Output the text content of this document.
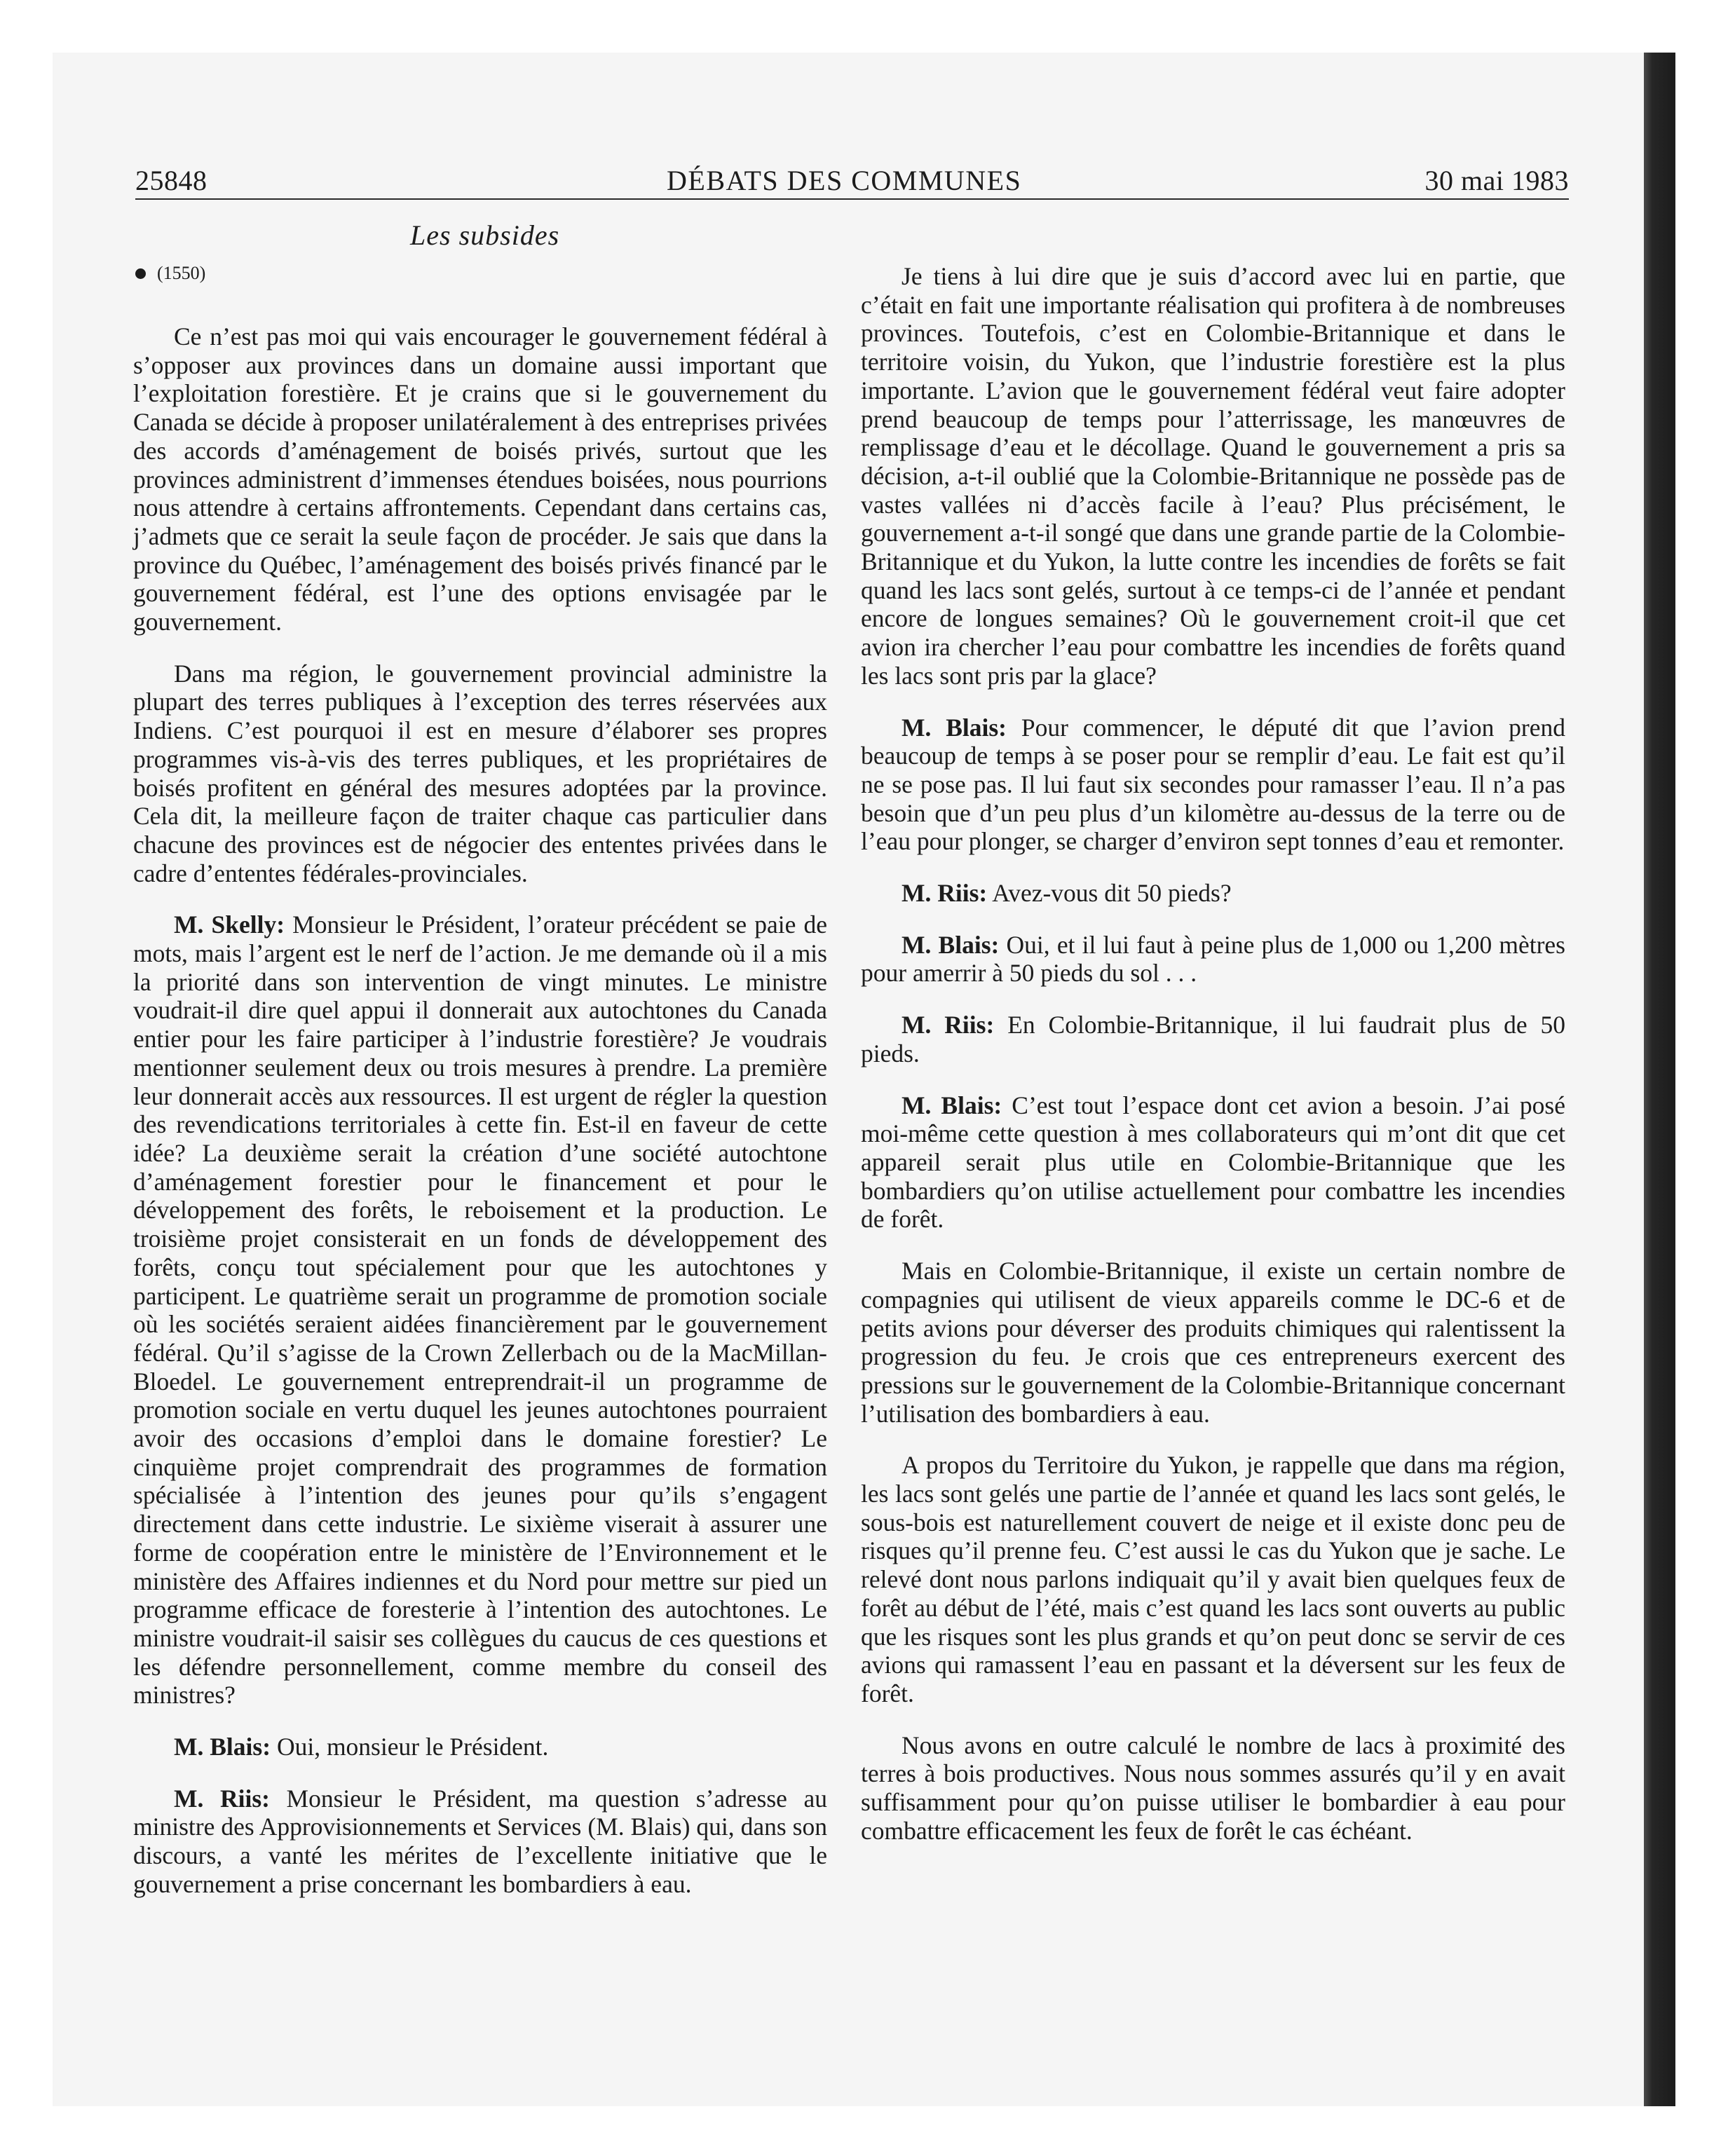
25848	DÉBATS DES COMMUNES	30 mai 1983
Les subsides
(1550)

Ce n’est pas moi qui vais encourager le gouvernement fédéral à s’opposer aux provinces dans un domaine aussi important que l’exploitation forestière. Et je crains que si le gouvernement du Canada se décide à proposer unilatéralement à des entreprises privées des accords d’aménagement de boisés privés, surtout que les provinces administrent d’immenses étendues boisées, nous pourrions nous attendre à certains affrontements. Cependant dans certains cas, j’admets que ce serait la seule façon de procéder. Je sais que dans la province du Québec, l’aménagement des boisés privés financé par le gouvernement fédéral, est l’une des options envisagée par le gouvernement.

Dans ma région, le gouvernement provincial administre la plupart des terres publiques à l’exception des terres réservées aux Indiens. C’est pourquoi il est en mesure d’élaborer ses propres programmes vis-à-vis des terres publiques, et les propriétaires de boisés profitent en général des mesures adoptées par la province. Cela dit, la meilleure façon de traiter chaque cas particulier dans chacune des provinces est de négocier des ententes privées dans le cadre d’ententes fédérales-provinciales.

M. Skelly: Monsieur le Président, l’orateur précédent se paie de mots, mais l’argent est le nerf de l’action. Je me demande où il a mis la priorité dans son intervention de vingt minutes. Le ministre voudrait-il dire quel appui il donnerait aux autochtones du Canada entier pour les faire participer à l’industrie forestière? Je voudrais mentionner seulement deux ou trois mesures à prendre. La première leur donnerait accès aux ressources. Il est urgent de régler la question des revendications territoriales à cette fin. Est-il en faveur de cette idée? La deuxième serait la création d’une société autochtone d’aménagement forestier pour le financement et pour le développement des forêts, le reboisement et la production. Le troisième projet consisterait en un fonds de développement des forêts, conçu tout spécialement pour que les autochtones y participent. Le quatrième serait un programme de promotion sociale où les sociétés seraient aidées financièrement par le gouvernement fédéral. Qu’il s’agisse de la Crown Zellerbach ou de la MacMillan-Bloedel. Le gouvernement entreprendrait-il un programme de promotion sociale en vertu duquel les jeunes autochtones pourraient avoir des occasions d’emploi dans le domaine forestier? Le cinquième projet comprendrait des programmes de formation spécialisée à l’intention des jeunes pour qu’ils s’engagent directement dans cette industrie. Le sixième viserait à assurer une forme de coopération entre le ministère de l’Environnement et le ministère des Affaires indiennes et du Nord pour mettre sur pied un programme efficace de foresterie à l’intention des autochtones. Le ministre voudrait-il saisir ses collègues du caucus de ces questions et les défendre personnellement, comme membre du conseil des ministres?

M. Blais: Oui, monsieur le Président.

M. Riis: Monsieur le Président, ma question s’adresse au ministre des Approvisionnements et Services (M. Blais) qui, dans son discours, a vanté les mérites de l’excellente initiative que le gouvernement a prise concernant les bombardiers à eau.

Je tiens à lui dire que je suis d’accord avec lui en partie, que c’était en fait une importante réalisation qui profitera à de nombreuses provinces. Toutefois, c’est en Colombie-Britannique et dans le territoire voisin, du Yukon, que l’industrie forestière est la plus importante. L’avion que le gouvernement fédéral veut faire adopter prend beaucoup de temps pour l’atterrissage, les manœuvres de remplissage d’eau et le décollage. Quand le gouvernement a pris sa décision, a-t-il oublié que la Colombie-Britannique ne possède pas de vastes vallées ni d’accès facile à l’eau? Plus précisément, le gouvernement a-t-il songé que dans une grande partie de la Colombie-Britannique et du Yukon, la lutte contre les incendies de forêts se fait quand les lacs sont gelés, surtout à ce temps-ci de l’année et pendant encore de longues semaines? Où le gouvernement croit-il que cet avion ira chercher l’eau pour combattre les incendies de forêts quand les lacs sont pris par la glace?

M. Blais: Pour commencer, le député dit que l’avion prend beaucoup de temps à se poser pour se remplir d’eau. Le fait est qu’il ne se pose pas. Il lui faut six secondes pour ramasser l’eau. Il n’a pas besoin que d’un peu plus d’un kilomètre au-dessus de la terre ou de l’eau pour plonger, se charger d’environ sept tonnes d’eau et remonter.

M. Riis: Avez-vous dit 50 pieds?

M. Blais: Oui, et il lui faut à peine plus de 1,000 ou 1,200 mètres pour amerrir à 50 pieds du sol . . .

M. Riis: En Colombie-Britannique, il lui faudrait plus de 50 pieds.

M. Blais: C’est tout l’espace dont cet avion a besoin. J’ai posé moi-même cette question à mes collaborateurs qui m’ont dit que cet appareil serait plus utile en Colombie-Britannique que les bombardiers qu’on utilise actuellement pour combattre les incendies de forêt.

Mais en Colombie-Britannique, il existe un certain nombre de compagnies qui utilisent de vieux appareils comme le DC-6 et de petits avions pour déverser des produits chimiques qui ralentissent la progression du feu. Je crois que ces entrepreneurs exercent des pressions sur le gouvernement de la Colombie-Britannique concernant l’utilisation des bombardiers à eau.

A propos du Territoire du Yukon, je rappelle que dans ma région, les lacs sont gelés une partie de l’année et quand les lacs sont gelés, le sous-bois est naturellement couvert de neige et il existe donc peu de risques qu’il prenne feu. C’est aussi le cas du Yukon que je sache. Le relevé dont nous parlons indiquait qu’il y avait bien quelques feux de forêt au début de l’été, mais c’est quand les lacs sont ouverts au public que les risques sont les plus grands et qu’on peut donc se servir de ces avions qui ramassent l’eau en passant et la déversent sur les feux de forêt.

Nous avons en outre calculé le nombre de lacs à proximité des terres à bois productives. Nous nous sommes assurés qu’il y en avait suffisamment pour qu’on puisse utiliser le bombardier à eau pour combattre efficacement les feux de forêt le cas échéant.
